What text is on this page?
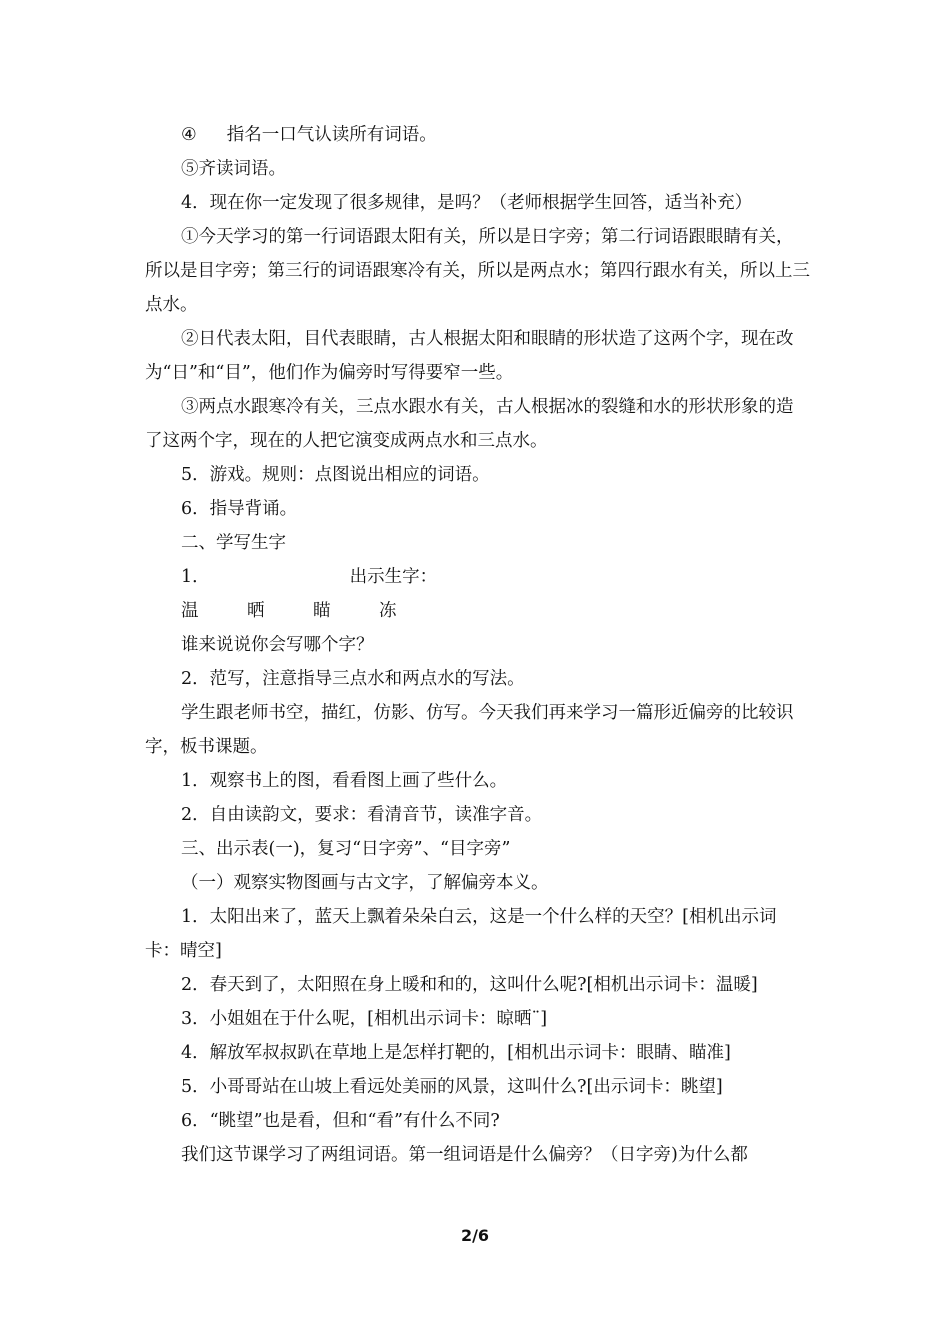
④ 指名一口气认读所有词语。

⑤齐读词语。

4．现在你一定发现了很多规律，是吗？（老师根据学生回答，适当补充）

①今天学习的第一行词语跟太阳有关，所以是日字旁；第二行词语跟眼睛有关，所以是目字旁；第三行的词语跟寒冷有关，所以是两点水；第四行跟水有关，所以上三点水。

②日代表太阳，目代表眼睛，古人根据太阳和眼睛的形状造了这两个字，现在改为“日”和“目”，他们作为偏旁时写得要窄一些。

③两点水跟寒冷有关，三点水跟水有关，古人根据冰的裂缝和水的形状形象的造了这两个字，现在的人把它演变成两点水和三点水。

5．游戏。规则：点图说出相应的词语。

6．指导背诵。

二、学写生字

1．	出示生字：

温	晒	瞄	冻

谁来说说你会写哪个字？

2．范写，注意指导三点水和两点水的写法。

学生跟老师书空，描红，仿影、仿写。今天我们再来学习一篇形近偏旁的比较识字，板书课题。

1．观察书上的图，看看图上画了些什么。

2．自由读韵文，要求：看清音节，读准字音。

三、出示表(一)，复习“日字旁”、“目字旁”

（一）观察实物图画与古文字，了解偏旁本义。

1．太阳出来了，蓝天上飘着朵朵白云，这是一个什么样的天空？[相机出示词卡：晴空]

2．春天到了，太阳照在身上暖和和的，这叫什么呢?[相机出示词卡：温暖]

3．小姐姐在于什么呢，[相机出示词卡：晾晒¨]

4．解放军叔叔趴在草地上是怎样打靶的，[相机出示词卡：眼睛、瞄准]

5．小哥哥站在山坡上看远处美丽的风景，这叫什么?[出示词卡：眺望]

6．“眺望”也是看，但和“看”有什么不同?

我们这节课学习了两组词语。第一组词语是什么偏旁？（日字旁)为什么都

2/6
